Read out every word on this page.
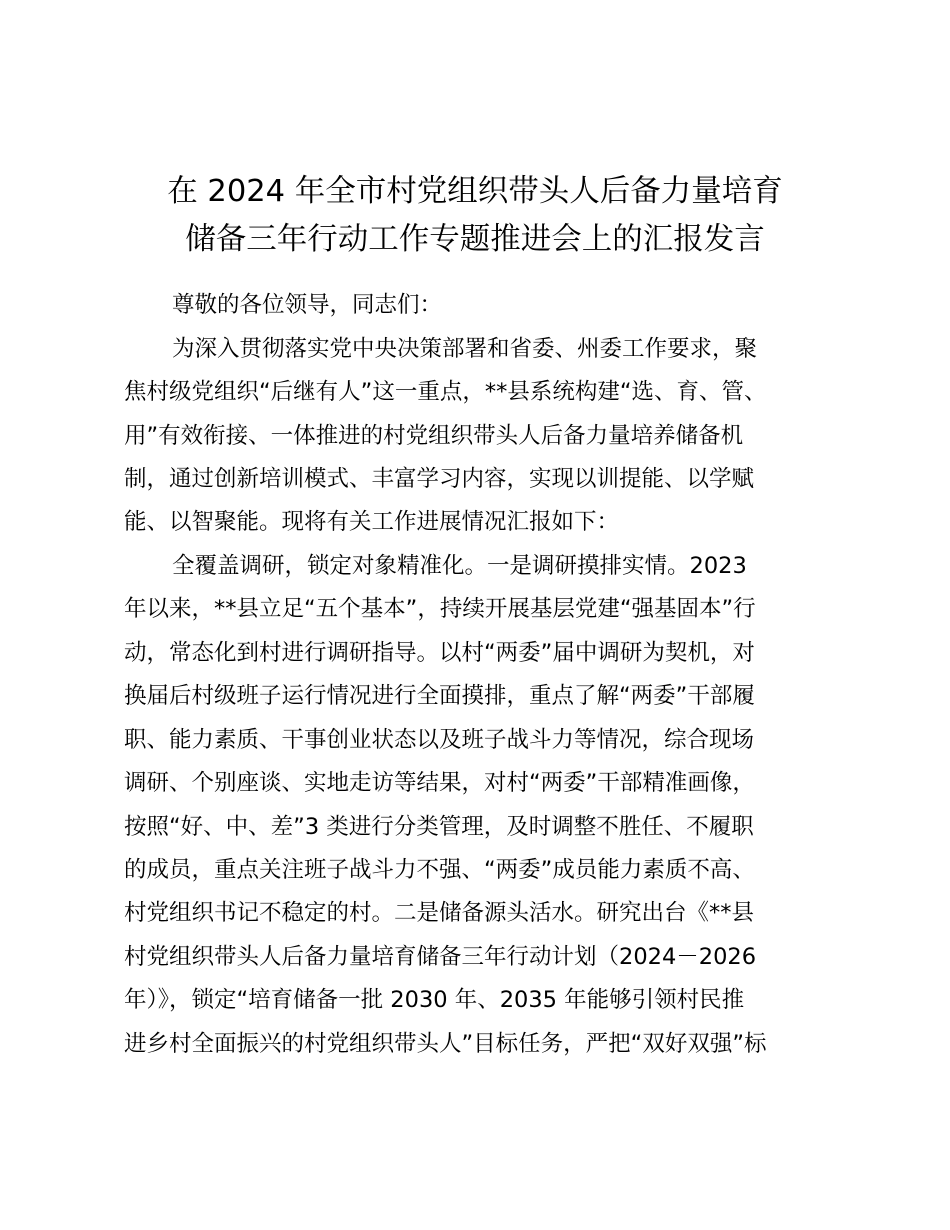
在 2024 年全市村党组织带头人后备力量培育
储备三年行动工作专题推进会上的汇报发言
尊敬的各位领导，同志们：
为深入贯彻落实党中央决策部署和省委、州委工作要求，聚
焦村级党组织“后继有人”这一重点，**县系统构建“选、育、管、
用”有效衔接、一体推进的村党组织带头人后备力量培养储备机
制，通过创新培训模式、丰富学习内容，实现以训提能、以学赋
能、以智聚能。现将有关工作进展情况汇报如下：
全覆盖调研，锁定对象精准化。一是调研摸排实情。2023
年以来，**县立足“五个基本”，持续开展基层党建“强基固本”行
动，常态化到村进行调研指导。以村“两委”届中调研为契机，对
换届后村级班子运行情况进行全面摸排，重点了解“两委”干部履
职、能力素质、干事创业状态以及班子战斗力等情况，综合现场
调研、个别座谈、实地走访等结果，对村“两委”干部精准画像，
按照“好、中、差”3 类进行分类管理，及时调整不胜任、不履职
的成员，重点关注班子战斗力不强、“两委”成员能力素质不高、
村党组织书记不稳定的村。二是储备源头活水。研究出台《**县
村党组织带头人后备力量培育储备三年行动计划（2024－2026
年）》，锁定“培育储备一批 2030 年、2035 年能够引领村民推
进乡村全面振兴的村党组织带头人”目标任务，严把“双好双强”标
